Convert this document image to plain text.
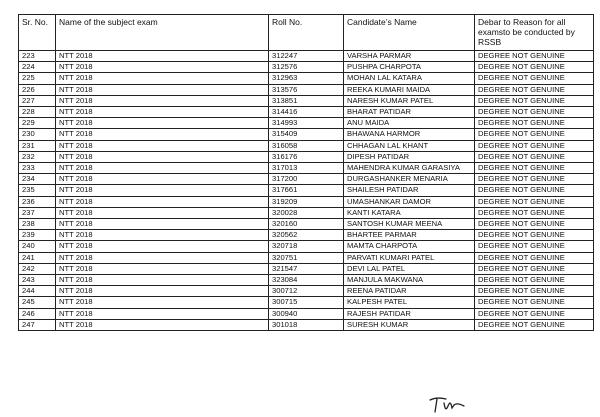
Sr. No.	Name of the subject exam	Roll No.	Candidate’s Name	Debar to Reason for all examsto be conducted by RSSB
223	NTT 2018	312247	VARSHA PARMAR	DEGREE NOT GENUINE
224	NTT 2018	312576	PUSHPA CHARPOTA	DEGREE NOT GENUINE
225	NTT 2018	312963	MOHAN LAL KATARA	DEGREE NOT GENUINE
226	NTT 2018	313576	REEKA KUMARI MAIDA	DEGREE NOT GENUINE
227	NTT 2018	313851	NARESH KUMAR PATEL	DEGREE NOT GENUINE
228	NTT 2018	314416	BHARAT PATIDAR	DEGREE NOT GENUINE
229	NTT 2018	314993	ANU MAIDA	DEGREE NOT GENUINE
230	NTT 2018	315409	BHAWANA HARMOR	DEGREE NOT GENUINE
231	NTT 2018	316058	CHHAGAN LAL KHANT	DEGREE NOT GENUINE
232	NTT 2018	316176	DIPESH PATIDAR	DEGREE NOT GENUINE
233	NTT 2018	317013	MAHENDRA KUMAR GARASIYA	DEGREE NOT GENUINE
234	NTT 2018	317200	DURGASHANKER MENARIA	DEGREE NOT GENUINE
235	NTT 2018	317661	SHAILESH PATIDAR	DEGREE NOT GENUINE
236	NTT 2018	319209	UMASHANKAR DAMOR	DEGREE NOT GENUINE
237	NTT 2018	320028	KANTI KATARA	DEGREE NOT GENUINE
238	NTT 2018	320160	SANTOSH KUMAR MEENA	DEGREE NOT GENUINE
239	NTT 2018	320562	BHARTEE PARMAR	DEGREE NOT GENUINE
240	NTT 2018	320718	MAMTA CHARPOTA	DEGREE NOT GENUINE
241	NTT 2018	320751	PARVATI KUMARI PATEL	DEGREE NOT GENUINE
242	NTT 2018	321547	DEVI LAL PATEL	DEGREE NOT GENUINE
243	NTT 2018	323084	MANJULA MAKWANA	DEGREE NOT GENUINE
244	NTT 2018	300712	REENA PATIDAR	DEGREE NOT GENUINE
245	NTT 2018	300715	KALPESH PATEL	DEGREE NOT GENUINE
246	NTT 2018	300940	RAJESH PATIDAR	DEGREE NOT GENUINE
247	NTT 2018	301018	SURESH KUMAR	DEGREE NOT GENUINE
